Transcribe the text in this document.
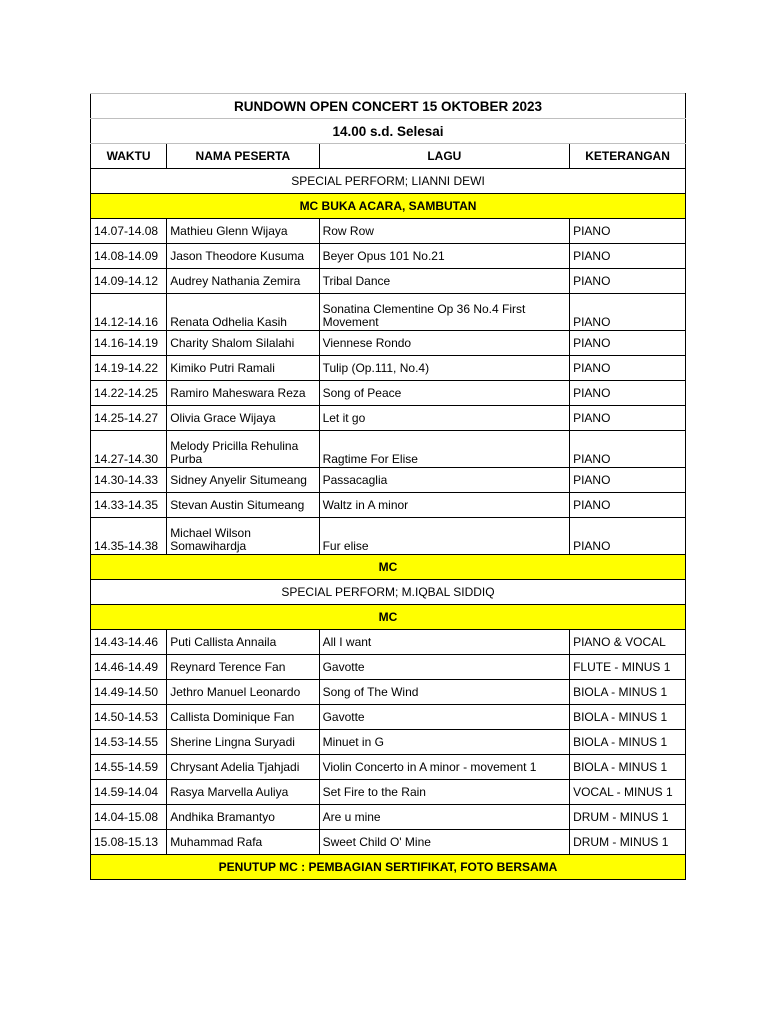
RUNDOWN OPEN CONCERT 15 OKTOBER 2023			
14.00 s.d. Selesai			
WAKTU	NAMA PESERTA	LAGU	KETERANGAN
SPECIAL PERFORM; LIANNI DEWI			
MC BUKA ACARA, SAMBUTAN			
14.07-14.08	Mathieu Glenn Wijaya	Row Row	PIANO
14.08-14.09	Jason Theodore Kusuma	Beyer Opus 101 No.21	PIANO
14.09-14.12	Audrey Nathania Zemira	Tribal Dance	PIANO
14.12-14.16	Renata Odhelia Kasih	Sonatina Clementine Op 36 No.4 First Movement	PIANO
14.16-14.19	Charity Shalom Silalahi	Viennese Rondo	PIANO
14.19-14.22	Kimiko Putri Ramali	Tulip (Op.111, No.4)	PIANO
14.22-14.25	Ramiro Maheswara Reza	Song of Peace	PIANO
14.25-14.27	Olivia Grace Wijaya	Let it go	PIANO
14.27-14.30	Melody Pricilla Rehulina Purba	Ragtime For Elise	PIANO
14.30-14.33	Sidney Anyelir Situmeang	Passacaglia	PIANO
14.33-14.35	Stevan Austin Situmeang	Waltz in A minor	PIANO
14.35-14.38	Michael Wilson Somawihardja	Fur elise	PIANO
MC			
SPECIAL PERFORM; M.IQBAL SIDDIQ			
MC			
14.43-14.46	Puti Callista Annaila	All I want	PIANO & VOCAL
14.46-14.49	Reynard Terence Fan	Gavotte	FLUTE - MINUS 1
14.49-14.50	Jethro Manuel Leonardo	Song of The Wind	BIOLA - MINUS 1
14.50-14.53	Callista Dominique Fan	Gavotte	BIOLA - MINUS 1
14.53-14.55	Sherine Lingna Suryadi	Minuet in G	BIOLA - MINUS 1
14.55-14.59	Chrysant Adelia Tjahjadi	Violin Concerto in A minor - movement 1	BIOLA - MINUS 1
14.59-14.04	Rasya Marvella Auliya	Set Fire to the Rain	VOCAL - MINUS 1
14.04-15.08	Andhika Bramantyo	Are u mine	DRUM - MINUS 1
15.08-15.13	Muhammad Rafa	Sweet Child O' Mine	DRUM - MINUS 1
PENUTUP MC : PEMBAGIAN SERTIFIKAT, FOTO BERSAMA			
